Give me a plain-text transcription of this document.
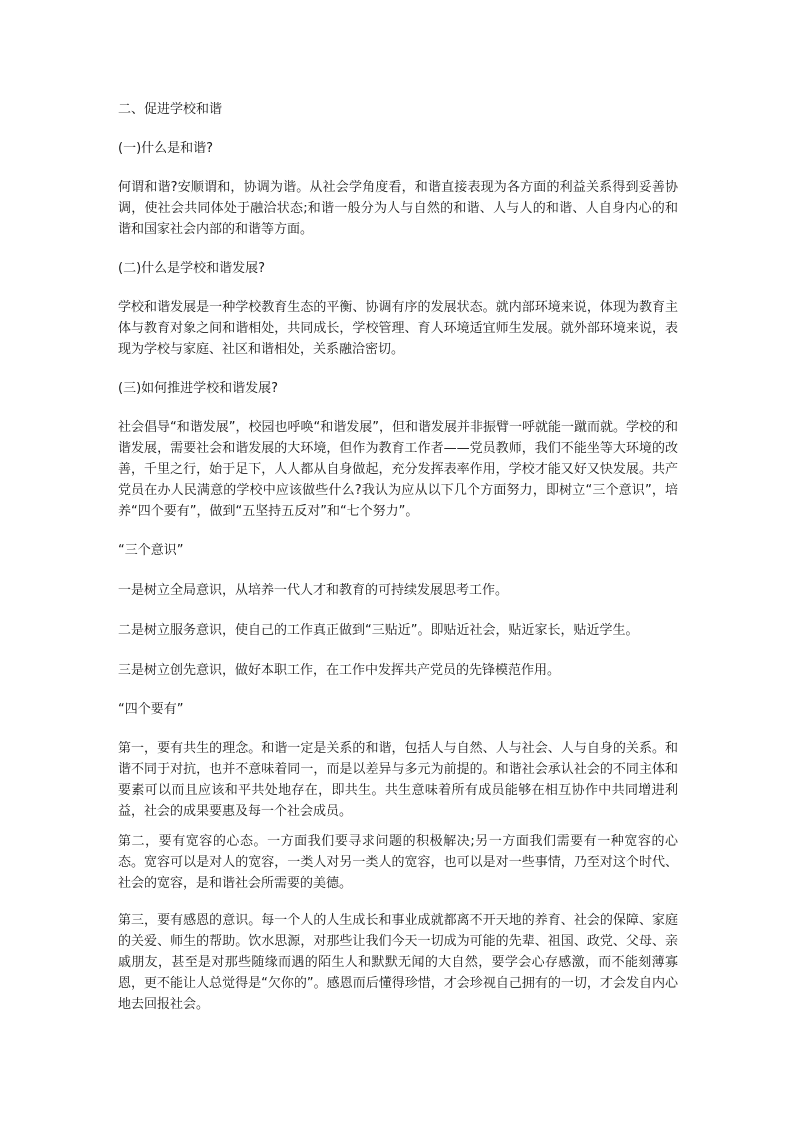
二、促进学校和谐

(一)什么是和谐?

何谓和谐?安顺谓和，协调为谐。从社会学角度看，和谐直接表现为各方面的利益关系得到妥善协调，使社会共同体处于融洽状态;和谐一般分为人与自然的和谐、人与人的和谐、人自身内心的和谐和国家社会内部的和谐等方面。

(二)什么是学校和谐发展?

学校和谐发展是一种学校教育生态的平衡、协调有序的发展状态。就内部环境来说，体现为教育主体与教育对象之间和谐相处，共同成长，学校管理、育人环境适宜师生发展。就外部环境来说，表现为学校与家庭、社区和谐相处，关系融洽密切。

(三)如何推进学校和谐发展?

社会倡导“和谐发展”，校园也呼唤“和谐发展”，但和谐发展并非振臂一呼就能一蹴而就。学校的和谐发展，需要社会和谐发展的大环境，但作为教育工作者——党员教师，我们不能坐等大环境的改善，千里之行，始于足下，人人都从自身做起，充分发挥表率作用，学校才能又好又快发展。共产党员在办人民满意的学校中应该做些什么?我认为应从以下几个方面努力，即树立“三个意识”，培养“四个要有”，做到“五坚持五反对”和“七个努力”。

“三个意识”

一是树立全局意识，从培养一代人才和教育的可持续发展思考工作。

二是树立服务意识，使自己的工作真正做到“三贴近”。即贴近社会，贴近家长，贴近学生。

三是树立创先意识，做好本职工作，在工作中发挥共产党员的先锋模范作用。

“四个要有”

第一，要有共生的理念。和谐一定是关系的和谐，包括人与自然、人与社会、人与自身的关系。和谐不同于对抗，也并不意味着同一，而是以差异与多元为前提的。和谐社会承认社会的不同主体和要素可以而且应该和平共处地存在，即共生。共生意味着所有成员能够在相互协作中共同增进利益，社会的成果要惠及每一个社会成员。

第二，要有宽容的心态。一方面我们要寻求问题的积极解决;另一方面我们需要有一种宽容的心态。宽容可以是对人的宽容，一类人对另一类人的宽容，也可以是对一些事情，乃至对这个时代、社会的宽容，是和谐社会所需要的美德。

第三，要有感恩的意识。每一个人的人生成长和事业成就都离不开天地的养育、社会的保障、家庭的关爱、师生的帮助。饮水思源，对那些让我们今天一切成为可能的先辈、祖国、政党、父母、亲戚朋友，甚至是对那些随缘而遇的陌生人和默默无闻的大自然，要学会心存感激，而不能刻薄寡恩，更不能让人总觉得是“欠你的”。感恩而后懂得珍惜，才会珍视自己拥有的一切，才会发自内心地去回报社会。
